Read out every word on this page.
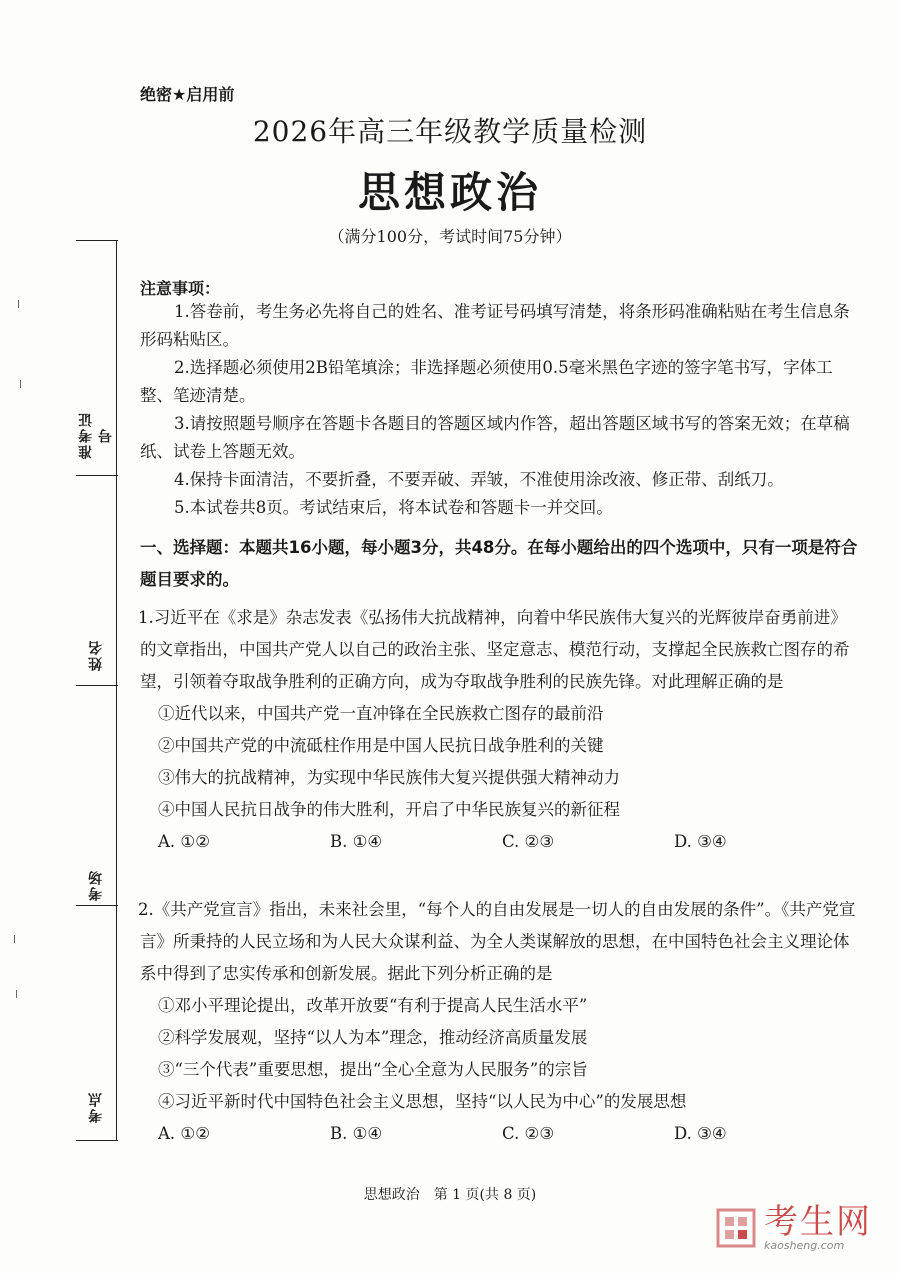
绝密★启用前
2026年高三年级教学质量检测
思想政治
（满分100分，考试时间75分钟）
准考证号
姓名
考场
考点
注意事项：
1.答卷前，考生务必先将自己的姓名、准考证号码填写清楚，将条形码准确粘贴在考生信息条形码粘贴区。
2.选择题必须使用2B铅笔填涂；非选择题必须使用0.5毫米黑色字迹的签字笔书写，字体工整、笔迹清楚。
3.请按照题号顺序在答题卡各题目的答题区域内作答，超出答题区域书写的答案无效；在草稿纸、试卷上答题无效。
4.保持卡面清洁，不要折叠，不要弄破、弄皱，不准使用涂改液、修正带、刮纸刀。
5.本试卷共8页。考试结束后，将本试卷和答题卡一并交回。
一、选择题：本题共16小题，每小题3分，共48分。在每小题给出的四个选项中，只有一项是符合题目要求的。
1.习近平在《求是》杂志发表《弘扬伟大抗战精神，向着中华民族伟大复兴的光辉彼岸奋勇前进》的文章指出，中国共产党人以自己的政治主张、坚定意志、模范行动，支撑起全民族救亡图存的希望，引领着夺取战争胜利的正确方向，成为夺取战争胜利的民族先锋。对此理解正确的是
①近代以来，中国共产党一直冲锋在全民族救亡图存的最前沿
②中国共产党的中流砥柱作用是中国人民抗日战争胜利的关键
③伟大的抗战精神，为实现中华民族伟大复兴提供强大精神动力
④中国人民抗日战争的伟大胜利，开启了中华民族复兴的新征程
A. ①②	B. ①④	C. ②③	D. ③④
2.《共产党宣言》指出，未来社会里，“每个人的自由发展是一切人的自由发展的条件”。《共产党宣言》所秉持的人民立场和为人民大众谋利益、为全人类谋解放的思想，在中国特色社会主义理论体系中得到了忠实传承和创新发展。据此下列分析正确的是
①邓小平理论提出，改革开放要“有利于提高人民生活水平”
②科学发展观，坚持“以人为本”理念，推动经济高质量发展
③“三个代表”重要思想，提出“全心全意为人民服务”的宗旨
④习近平新时代中国特色社会主义思想，坚持“以人民为中心”的发展思想
A. ①②	B. ①④	C. ②③	D. ③④
思想政治　第 1 页(共 8 页)
考生网
kaosheng.com
